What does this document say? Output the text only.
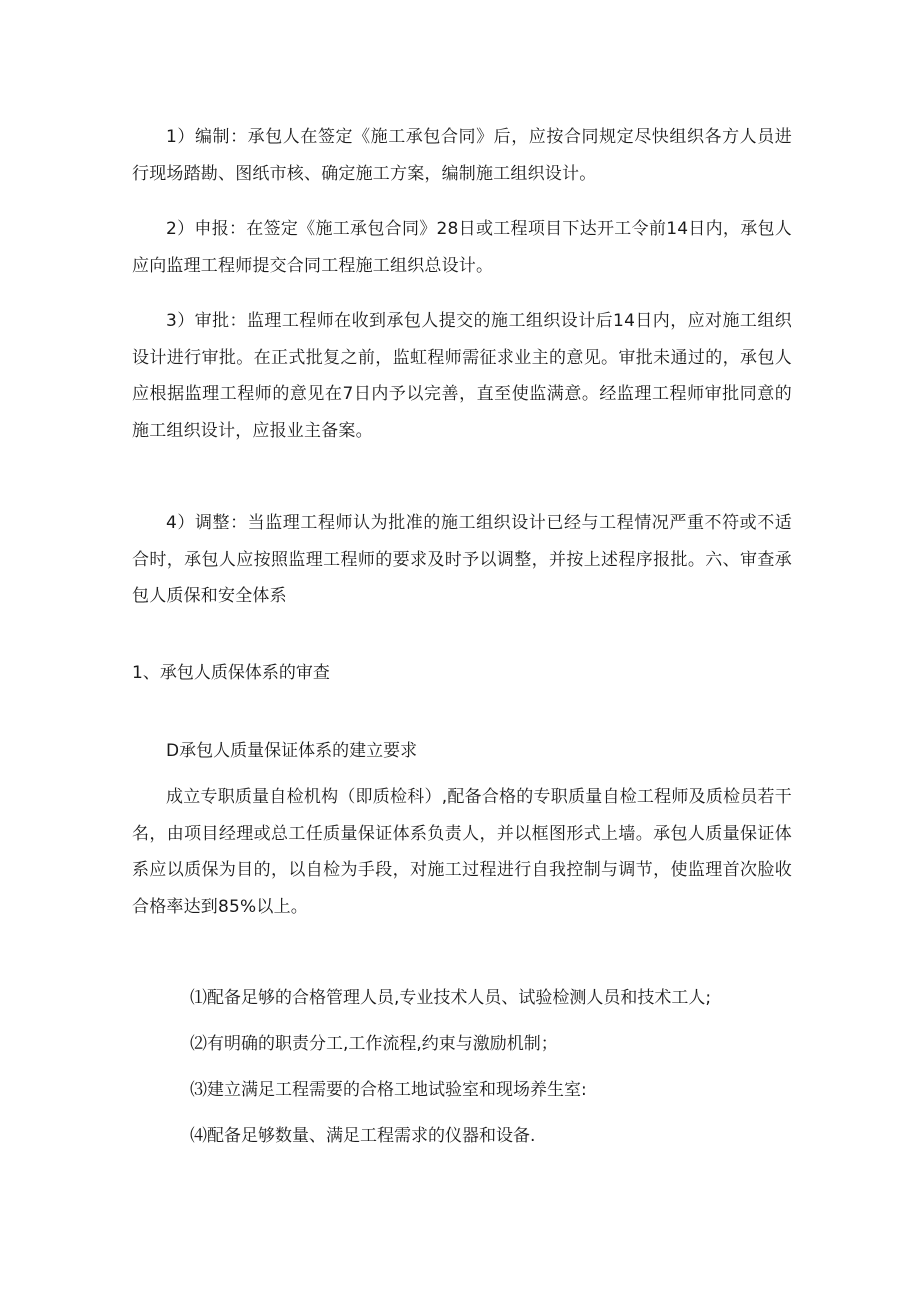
1）编制：承包人在签定《施工承包合同》后，应按合同规定尽快组织各方人员进行现场踏勘、图纸市核、确定施工方案，编制施工组织设计。

2）申报：在签定《施工承包合同》28日或工程项目下达开工令前14日内，承包人应向监理工程师提交合同工程施工组织总设计。

3）审批：监理工程师在收到承包人提交的施工组织设计后14日内，应对施工组织设计进行审批。在正式批复之前，监虹程师需征求业主的意见。审批未通过的，承包人应根据监理工程师的意见在7日内予以完善，直至使监满意。经监理工程师审批同意的施工组织设计，应报业主备案。

4）调整：当监理工程师认为批准的施工组织设计已经与工程情况严重不符或不适合时，承包人应按照监理工程师的要求及时予以调整，并按上述程序报批。六、审查承包人质保和安全体系

1、承包人质保体系的审查

D承包人质量保证体系的建立要求

成立专职质量自检机构（即质检科）,配备合格的专职质量自检工程师及质检员若干名，由项目经理或总工任质量保证体系负责人，并以框图形式上墙。承包人质量保证体系应以质保为目的，以自检为手段，对施工过程进行自我控制与调节，使监理首次脸收合格率达到85%以上。

⑴配备足够的合格管理人员,专业技术人员、试验检测人员和技术工人;

⑵有明确的职责分工,工作流程,约束与激励机制；

⑶建立满足工程需要的合格工地试验室和现场养生室:

⑷配备足够数量、满足工程需求的仪器和设备.
